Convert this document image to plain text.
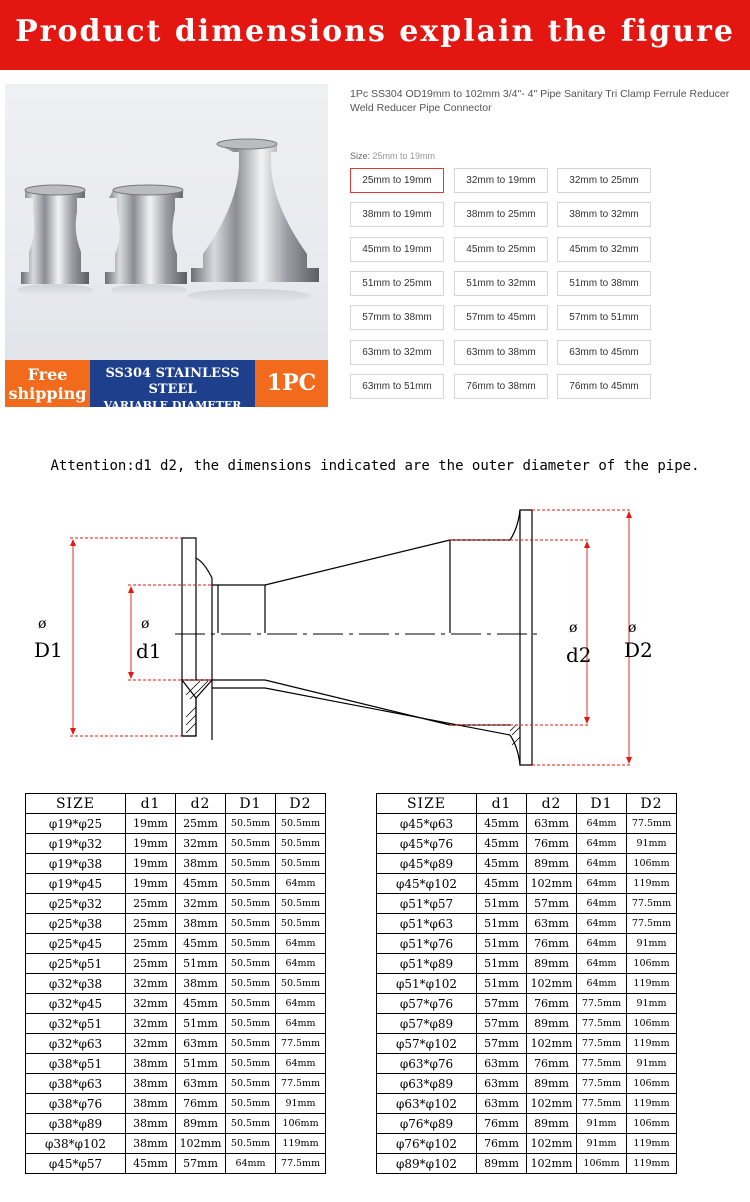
Product dimensions explain the figure
Free
shipping
SS304 STAINLESS STEEL
VARIABLE DIAMETER CONNECTOR
1PC
1Pc SS304 OD19mm to 102mm 3/4"- 4" Pipe Sanitary Tri Clamp Ferrule Reducer Weld Reducer Pipe Connector
Size: 25mm to 19mm
25mm to 19mm	32mm to 19mm	32mm to 25mm
38mm to 19mm	38mm to 25mm	38mm to 32mm
45mm to 19mm	45mm to 25mm	45mm to 32mm
51mm to 25mm	51mm to 32mm	51mm to 38mm
57mm to 38mm	57mm to 45mm	57mm to 51mm
63mm to 32mm	63mm to 38mm	63mm to 45mm
63mm to 51mm	76mm to 38mm	76mm to 45mm
Attention:d1 d2, the dimensions indicated are the outer diameter of the pipe.
ø
D1
ø
d1
ø
d2
ø
D2
SIZE	d1	d2	D1	D2
φ19*φ25	19mm	25mm	50.5mm	50.5mm
φ19*φ32	19mm	32mm	50.5mm	50.5mm
φ19*φ38	19mm	38mm	50.5mm	50.5mm
φ19*φ45	19mm	45mm	50.5mm	64mm
φ25*φ32	25mm	32mm	50.5mm	50.5mm
φ25*φ38	25mm	38mm	50.5mm	50.5mm
φ25*φ45	25mm	45mm	50.5mm	64mm
φ25*φ51	25mm	51mm	50.5mm	64mm
φ32*φ38	32mm	38mm	50.5mm	50.5mm
φ32*φ45	32mm	45mm	50.5mm	64mm
φ32*φ51	32mm	51mm	50.5mm	64mm
φ32*φ63	32mm	63mm	50.5mm	77.5mm
φ38*φ51	38mm	51mm	50.5mm	64mm
φ38*φ63	38mm	63mm	50.5mm	77.5mm
φ38*φ76	38mm	76mm	50.5mm	91mm
φ38*φ89	38mm	89mm	50.5mm	106mm
φ38*φ102	38mm	102mm	50.5mm	119mm
φ45*φ57	45mm	57mm	64mm	77.5mm
SIZE	d1	d2	D1	D2
φ45*φ63	45mm	63mm	64mm	77.5mm
φ45*φ76	45mm	76mm	64mm	91mm
φ45*φ89	45mm	89mm	64mm	106mm
φ45*φ102	45mm	102mm	64mm	119mm
φ51*φ57	51mm	57mm	64mm	77.5mm
φ51*φ63	51mm	63mm	64mm	77.5mm
φ51*φ76	51mm	76mm	64mm	91mm
φ51*φ89	51mm	89mm	64mm	106mm
φ51*φ102	51mm	102mm	64mm	119mm
φ57*φ76	57mm	76mm	77.5mm	91mm
φ57*φ89	57mm	89mm	77.5mm	106mm
φ57*φ102	57mm	102mm	77.5mm	119mm
φ63*φ76	63mm	76mm	77.5mm	91mm
φ63*φ89	63mm	89mm	77.5mm	106mm
φ63*φ102	63mm	102mm	77.5mm	119mm
φ76*φ89	76mm	89mm	91mm	106mm
φ76*φ102	76mm	102mm	91mm	119mm
φ89*φ102	89mm	102mm	106mm	119mm
